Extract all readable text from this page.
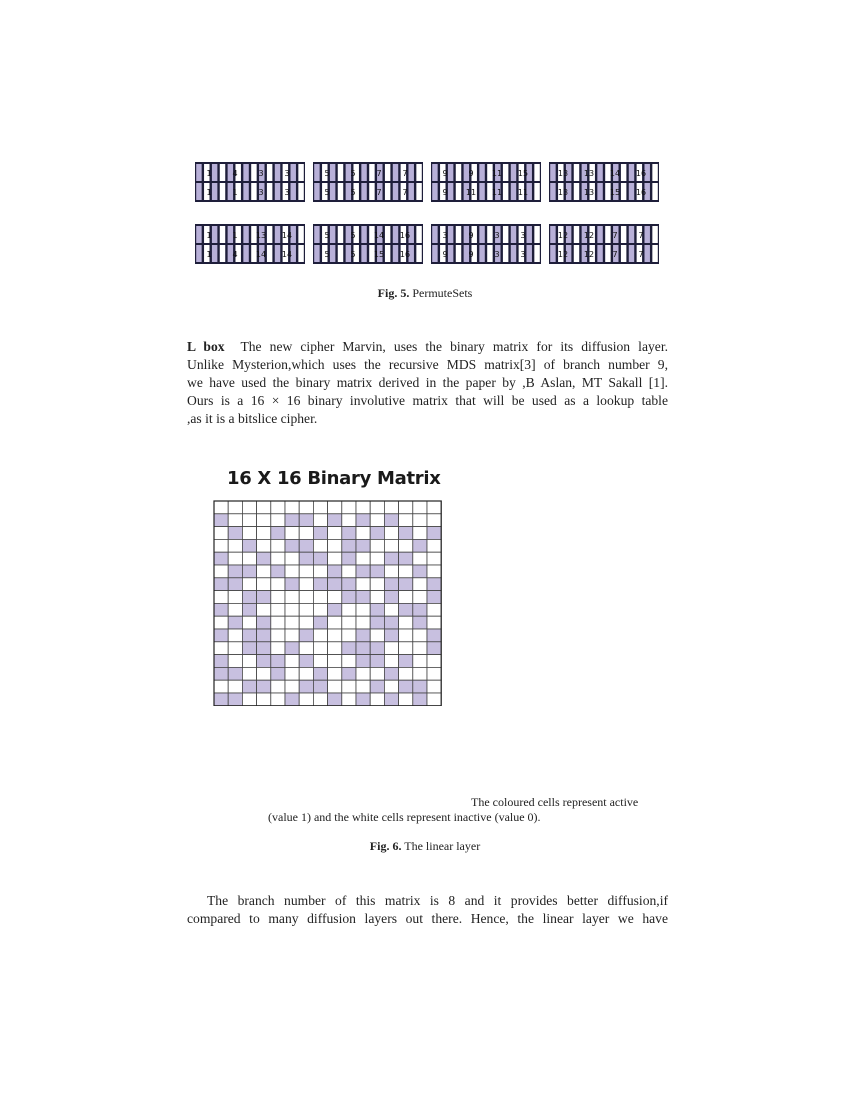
1	4	3	3
1	1	3	3
5	5	7	7
5	5	7	7
9	9 11 15
9 11 11 11
13 13 14 16
13 13 15 16
1	1 13 14
1	4 14 14
5	5 14 16
5	5 15 16
3	9	3	3
9	9	3	3
12 12 7	7
12 12 7	7
Fig. 5. PermuteSets
L box The new cipher Marvin, uses the binary matrix for its diffusion layer.
Unlike Mysterion,which uses the recursive MDS matrix[3] of branch number 9,
we have used the binary matrix derived in the paper by ,B Aslan, MT Sakall [1].
Ours is a 16 × 16 binary involutive matrix that will be used as a lookup table
,as it is a bitslice cipher.
16 X 16 Binary Matrix
The coloured cells represent active
(value 1) and the white cells represent inactive (value 0).
Fig. 6. The linear layer
The branch number of this matrix is 8 and it provides better diffusion,if
compared to many diffusion layers out there. Hence, the linear layer we have
